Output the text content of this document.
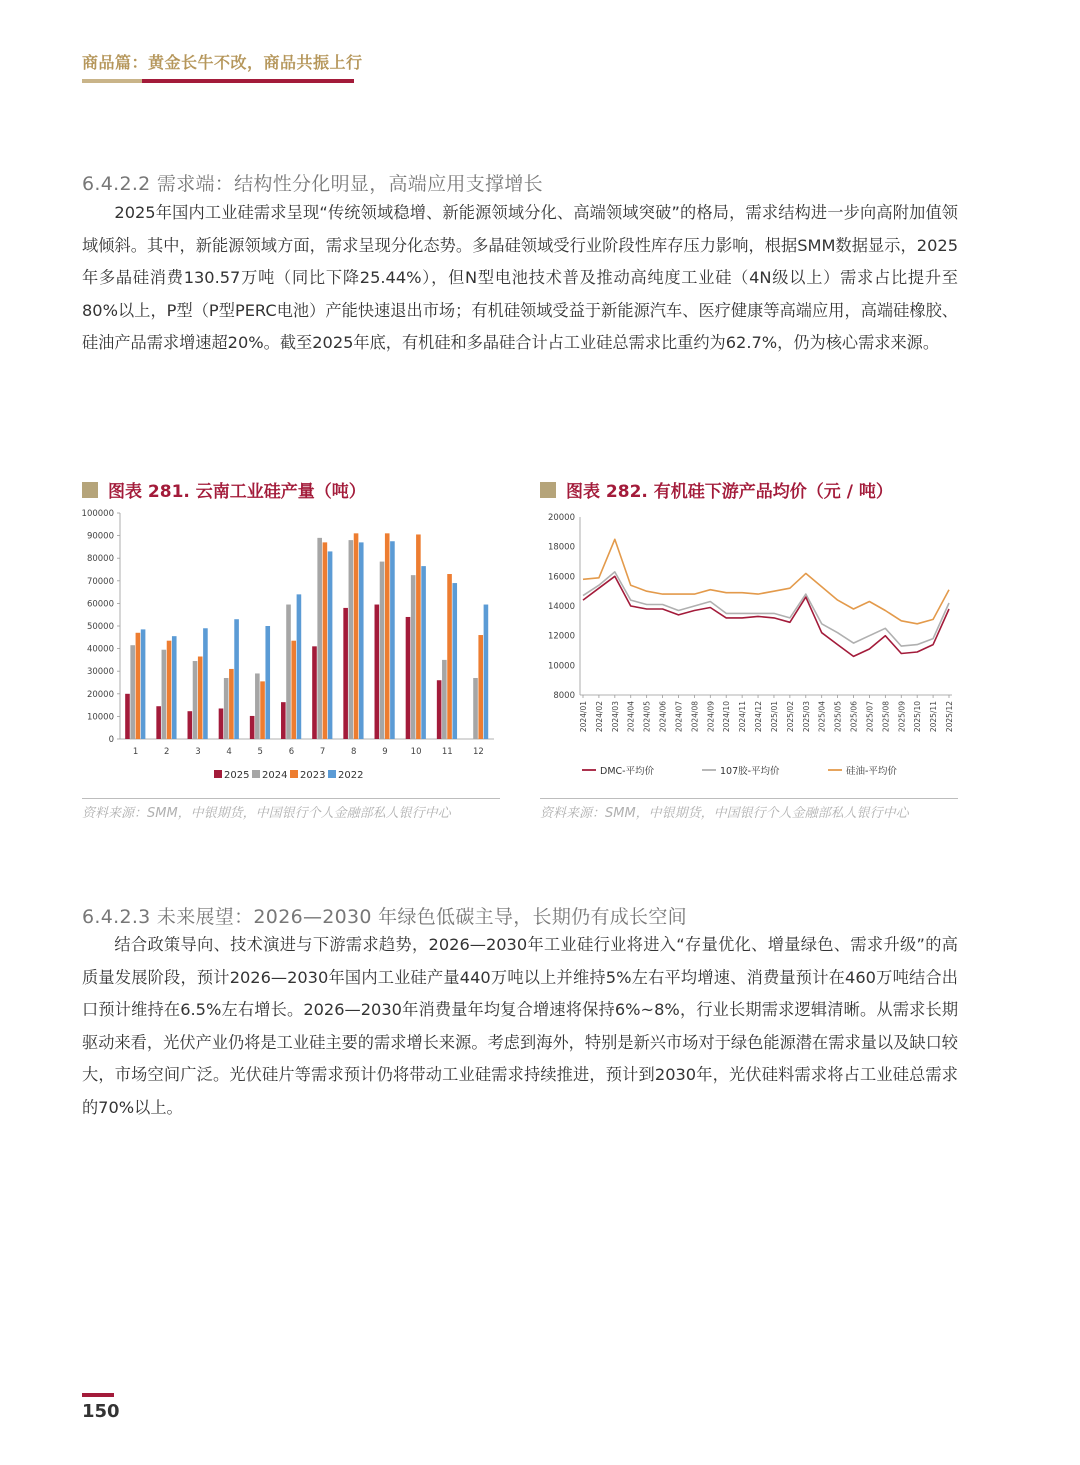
商品篇：黄金长牛不改，商品共振上行
6.4.2.2 需求端：结构性分化明显，高端应用支撑增长

2025年国内工业硅需求呈现“传统领域稳增、新能源领域分化、高端领域突破”的格局，需求结构进一步向高附加值领域倾斜。其中，新能源领域方面，需求呈现分化态势。多晶硅领域受行业阶段性库存压力影响，根据SMM数据显示，2025年多晶硅消费130.57万吨（同比下降25.44%），但N型电池技术普及推动高纯度工业硅（4N级以上）需求占比提升至80%以上，P型（P型PERC电池）产能快速退出市场；有机硅领域受益于新能源汽车、医疗健康等高端应用，高端硅橡胶、硅油产品需求增速超20%。截至2025年底，有机硅和多晶硅合计占工业硅总需求比重约为62.7%，仍为核心需求来源。

图表 281. 云南工业硅产量（吨）
0
10000
20000
30000
40000
50000
60000
70000
80000
90000
100000
1	2	3	4	5	6	7	8	9	10 11 12
2025 2024 2023 2022
资料来源：SMM，中银期货，中国银行个人金融部私人银行中心
图表 282. 有机硅下游产品均价（元 / 吨）
8000
10000
12000
14000
16000
18000
20000
2024/01 2024/02 2024/03 2024/04 2024/05 2024/06 2024/07 2024/08 2024/09 2024/10 2024/11 2024/12 2025/01 2025/02 2025/03 2025/04 2025/05 2025/06 2025/07 2025/08 2025/09 2025/10 2025/11 2025/12
DMC-平均价	107胶-平均价	硅油-平均价
资料来源：SMM，中银期货，中国银行个人金融部私人银行中心
6.4.2.3 未来展望：2026—2030 年绿色低碳主导，长期仍有成长空间

结合政策导向、技术演进与下游需求趋势，2026—2030年工业硅行业将进入“存量优化、增量绿色、需求升级”的高质量发展阶段，预计2026—2030年国内工业硅产量440万吨以上并维持5%左右平均增速、消费量预计在460万吨结合出口预计维持在6.5%左右增长。2026—2030年消费量年均复合增速将保持6%~8%，行业长期需求逻辑清晰。从需求长期驱动来看，光伏产业仍将是工业硅主要的需求增长来源。考虑到海外，特别是新兴市场对于绿色能源潜在需求量以及缺口较大，市场空间广泛。光伏硅片等需求预计仍将带动工业硅需求持续推进，预计到2030年，光伏硅料需求将占工业硅总需求的70%以上。

150
